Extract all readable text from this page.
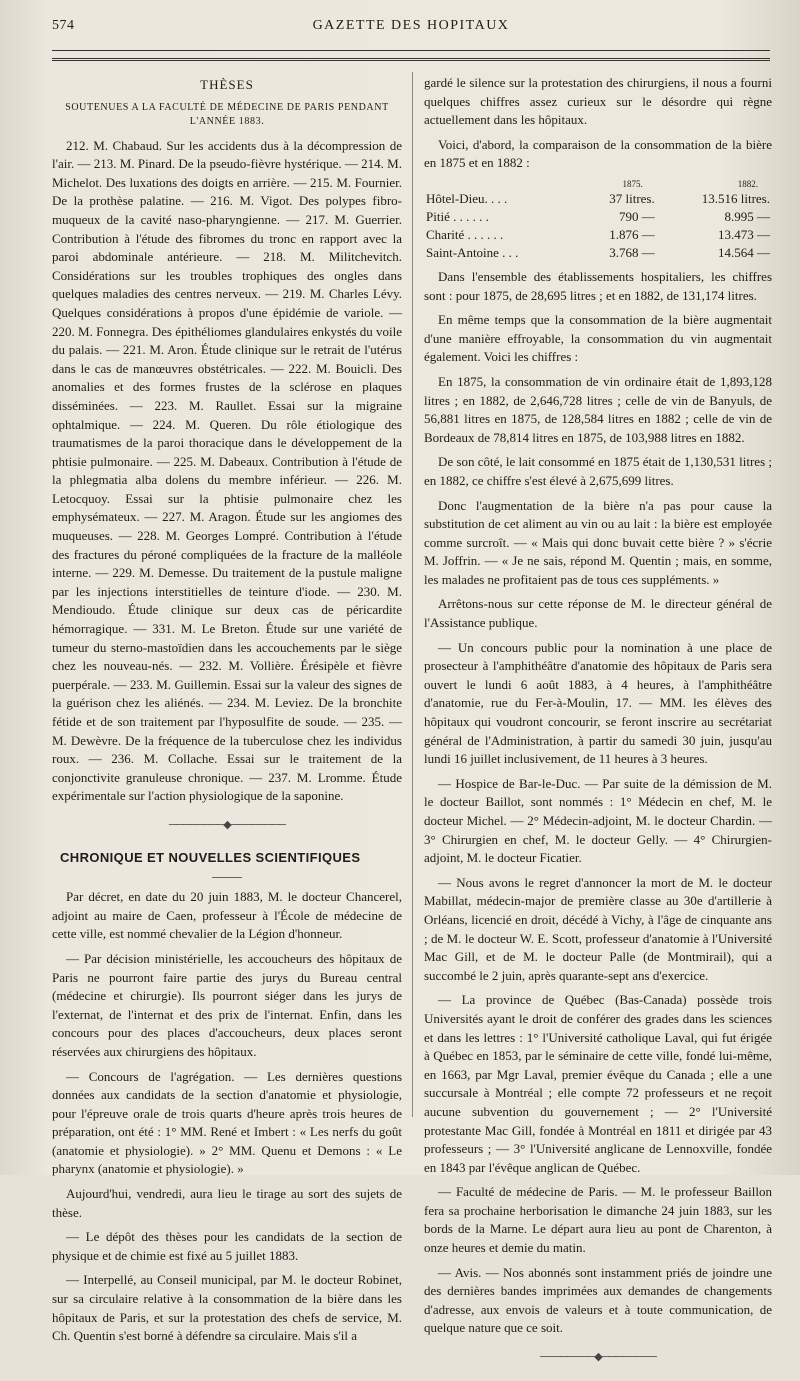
574	GAZETTE DES HOPITAUX
THÈSES
SOUTENUES A LA FACULTÉ DE MÉDECINE DE PARIS PENDANT L'ANNÉE 1883.

212. M. Chabaud. Sur les accidents dus à la décompression de l'air. — 213. M. Pinard. De la pseudo-fièvre hystérique. — 214. M. Michelot. Des luxations des doigts en arrière. — 215. M. Fournier. De la prothèse palatine. — 216. M. Vigot. Des polypes fibro-muqueux de la cavité naso-pharyngienne. — 217. M. Guerrier. Contribution à l'étude des fibromes du tronc en rapport avec la paroi abdominale antérieure. — 218. M. Militchevitch. Considérations sur les troubles trophiques des ongles dans quelques maladies des centres nerveux. — 219. M. Charles Lévy. Quelques considérations à propos d'une épidémie de variole. — 220. M. Fonnegra. Des épithéliomes glandulaires enkystés du voile du palais. — 221. M. Aron. Étude clinique sur le retrait de l'utérus dans le cas de manœuvres obstétricales. — 222. M. Bouicli. Des anomalies et des formes frustes de la sclérose en plaques disséminées. — 223. M. Raullet. Essai sur la migraine ophtalmique. — 224. M. Queren. Du rôle étiologique des traumatismes de la paroi thoracique dans le développement de la phtisie pulmonaire. — 225. M. Dabeaux. Contribution à l'étude de la phlegmatia alba dolens du membre inférieur. — 226. M. Letocquoy. Essai sur la phtisie pulmonaire chez les emphysémateux. — 227. M. Aragon. Étude sur les angiomes des muqueuses. — 228. M. Georges Lompré. Contribution à l'étude des fractures du péroné compliquées de la fracture de la malléole interne. — 229. M. Demesse. Du traitement de la pustule maligne par les injections interstitielles de teinture d'iode. — 230. M. Mendioudo. Étude clinique sur deux cas de péricardite hémorragique. — 331. M. Le Breton. Étude sur une variété de tumeur du sterno-mastoïdien dans les accouchements par le siège chez les nouveau-nés. — 232. M. Vollière. Érésipèle et fièvre puerpérale. — 233. M. Guillemin. Essai sur la valeur des signes de la guérison chez les aliénés. — 234. M. Leviez. De la bronchite fétide et de son traitement par l'hyposulfite de soude. — 235. — M. Dewèvre. De la fréquence de la tuberculose chez les individus roux. — 236. M. Collache. Essai sur le traitement de la conjonctivite granuleuse chronique. — 237. M. Lromme. Étude expérimentale sur l'action physiologique de la saponine.

────────◆────────
CHRONIQUE ET NOUVELLES SCIENTIFIQUES

Par décret, en date du 20 juin 1883, M. le docteur Chancerel, adjoint au maire de Caen, professeur à l'École de médecine de cette ville, est nommé chevalier de la Légion d'honneur.

— Par décision ministérielle, les accoucheurs des hôpitaux de Paris ne pourront faire partie des jurys du Bureau central (médecine et chirurgie). Ils pourront siéger dans les jurys de l'externat, de l'internat et des prix de l'internat. Enfin, dans les concours pour des places d'accoucheurs, deux places seront réservées aux chirurgiens des hôpitaux.

— Concours de l'agrégation. — Les dernières questions données aux candidats de la section d'anatomie et physiologie, pour l'épreuve orale de trois quarts d'heure après trois heures de préparation, ont été : 1° MM. René et Imbert : « Les nerfs du goût (anatomie et physiologie). » 2° MM. Quenu et Demons : « Le pharynx (anatomie et physiologie). »

Aujourd'hui, vendredi, aura lieu le tirage au sort des sujets de thèse.

— Le dépôt des thèses pour les candidats de la section de physique et de chimie est fixé au 5 juillet 1883.

— Interpellé, au Conseil municipal, par M. le docteur Robinet, sur sa circulaire relative à la consommation de la bière dans les hôpitaux de Paris, et sur la protestation des chefs de service, M. Ch. Quentin s'est borné à défendre sa circulaire. Mais s'il a

gardé le silence sur la protestation des chirurgiens, il nous a fourni quelques chiffres assez curieux sur le désordre qui règne actuellement dans les hôpitaux.

Voici, d'abord, la comparaison de la consommation de la bière en 1875 et en 1882 :

	1875.	1882.
Hôtel-Dieu. . . .	37 litres.	13.516 litres.
Pitié . . . . . .	790 —	8.995 —
Charité . . . . . .	1.876 —	13.473 —
Saint-Antoine . . .	3.768 —	14.564 —

Dans l'ensemble des établissements hospitaliers, les chiffres sont : pour 1875, de 28,695 litres ; et en 1882, de 131,174 litres.

En même temps que la consommation de la bière augmentait d'une manière effroyable, la consommation du vin augmentait également. Voici les chiffres :

En 1875, la consommation de vin ordinaire était de 1,893,128 litres ; en 1882, de 2,646,728 litres ; celle de vin de Banyuls, de 56,881 litres en 1875, de 128,584 litres en 1882 ; celle de vin de Bordeaux de 78,814 litres en 1875, de 103,988 litres en 1882.

De son côté, le lait consommé en 1875 était de 1,130,531 litres ; en 1882, ce chiffre s'est élevé à 2,675,699 litres.

Donc l'augmentation de la bière n'a pas pour cause la substitution de cet aliment au vin ou au lait : la bière est employée comme surcroît. — « Mais qui donc buvait cette bière ? » s'écrie M. Joffrin. — « Je ne sais, répond M. Quentin ; mais, en somme, les malades ne profitaient pas de tous ces suppléments. »

Arrêtons-nous sur cette réponse de M. le directeur général de l'Assistance publique.

— Un concours public pour la nomination à une place de prosecteur à l'amphithéâtre d'anatomie des hôpitaux de Paris sera ouvert le lundi 6 août 1883, à 4 heures, à l'amphithéâtre d'anatomie, rue du Fer-à-Moulin, 17. — MM. les élèves des hôpitaux qui voudront concourir, se feront inscrire au secrétariat général de l'Administration, à partir du samedi 30 juin, jusqu'au lundi 16 juillet inclusivement, de 11 heures à 3 heures.

— Hospice de Bar-le-Duc. — Par suite de la démission de M. le docteur Baillot, sont nommés : 1° Médecin en chef, M. le docteur Michel. — 2° Médecin-adjoint, M. le docteur Chardin. — 3° Chirurgien en chef, M. le docteur Gelly. — 4° Chirurgien-adjoint, M. le docteur Ficatier.

— Nous avons le regret d'annoncer la mort de M. le docteur Mabillat, médecin-major de première classe au 30e d'artillerie à Orléans, licencié en droit, décédé à Vichy, à l'âge de cinquante ans ; de M. le docteur W. E. Scott, professeur d'anatomie à l'Université Mac Gill, et de M. le docteur Palle (de Montmirail), qui a succombé le 2 juin, après quarante-sept ans d'exercice.

— La province de Québec (Bas-Canada) possède trois Universités ayant le droit de conférer des grades dans les sciences et dans les lettres : 1° l'Université catholique Laval, qui fut érigée à Québec en 1853, par le séminaire de cette ville, fondé lui-même, en 1663, par Mgr Laval, premier évêque du Canada ; elle a une succursale à Montréal ; elle compte 72 professeurs et ne reçoit aucune subvention du gouvernement ; — 2° l'Université protestante Mac Gill, fondée à Montréal en 1811 et dirigée par 43 professeurs ; — 3° l'Université anglicane de Lennoxville, fondée en 1843 par l'évêque anglican de Québec.

— Faculté de médecine de Paris. — M. le professeur Baillon fera sa prochaine herborisation le dimanche 24 juin 1883, sur les bords de la Marne. Le départ aura lieu au pont de Charenton, à onze heures et demie du matin.

— Avis. — Nos abonnés sont instamment priés de joindre une des dernières bandes imprimées aux demandes de changements d'adresse, aux envois de valeurs et à toute communication, de quelque nature que ce soit.

────────◆────────
